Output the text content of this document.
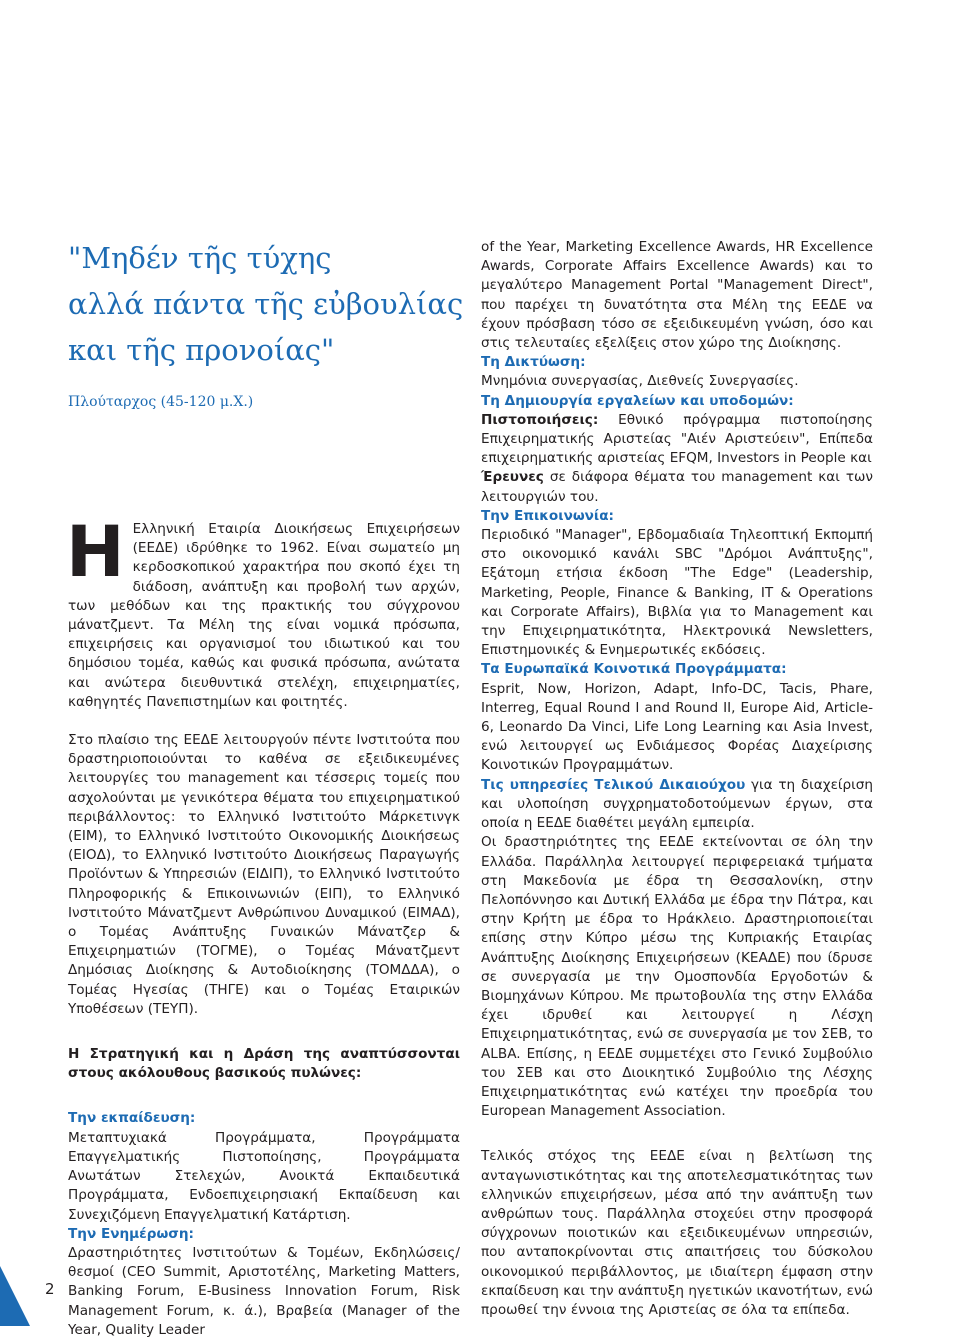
"Μηδέν τῆς τύχης

αλλά πάντα τῆς εὐβουλίας

και τῆς προνοίας"

Πλούταρχος (45-120 μ.Χ.)

Η Ελληνική Εταιρία Διοικήσεως Επιχειρήσεων (ΕΕΔΕ) ιδρύθηκε το 1962. Είναι σωματείο μη κερδοσκοπικού χαρακτήρα που σκοπό έχει τη διάδοση, ανάπτυξη και προβολή των αρχών, των μεθόδων και της πρακτικής του σύγχρονου μάνατζμεντ. Τα Μέλη της είναι νομικά πρόσωπα, επιχειρήσεις και οργανισμοί του ιδιωτικού και του δημόσιου τομέα, καθώς και φυσικά πρόσωπα, ανώτατα και ανώτερα διευθυντικά στελέχη, επιχειρηματίες, καθηγητές Πανεπιστημίων και φοιτητές.

Στο πλαίσιο της ΕΕΔΕ λειτουργούν πέντε Ινστιτούτα που δραστηριοποιούνται το καθένα σε εξειδικευμένες λειτουργίες του management και τέσσερις τομείς που ασχολούνται με γενικότερα θέματα του επιχειρηματικού περιβάλλοντος: το Ελληνικό Ινστιτούτο Μάρκετινγκ (ΕΙΜ), το Ελληνικό Ινστιτούτο Οικονομικής Διοικήσεως (ΕΙΟΔ), το Ελληνικό Ινστιτούτο Διοικήσεως Παραγωγής Προϊόντων & Υπηρεσιών (ΕΙΔΙΠ), το Ελληνικό Ινστιτούτο Πληροφορικής & Επικοινωνιών (ΕΙΠ), το Ελληνικό Ινστιτούτο Μάνατζμεντ Ανθρώπινου Δυναμικού (ΕΙΜΑΔ), ο Τομέας Ανάπτυξης Γυναικών Μάνατζερ & Επιχειρηματιών (ΤΟΓΜΕ), ο Τομέας Μάνατζμεντ Δημόσιας Διοίκησης & Αυτοδιοίκησης (ΤΟΜΔΔΑ), ο Τομέας Ηγεσίας (ΤΗΓΕ) και ο Τομέας Εταιρικών Υποθέσεων (ΤΕΥΠ).

Η Στρατηγική και η Δράση της αναπτύσσονται στους ακόλουθους βασικούς πυλώνες:

Την εκπαίδευση:

Μεταπτυχιακά Προγράμματα, Προγράμματα Επαγγελματικής Πιστοποίησης, Προγράμματα Ανωτάτων Στελεχών, Ανοικτά Εκπαιδευτικά Προγράμματα, Ενδοεπιχειρησιακή Εκπαίδευση και Συνεχιζόμενη Επαγγελματική Κατάρτιση.

Την Ενημέρωση:

Δραστηριότητες Ινστιτούτων & Τομέων, Εκδηλώσεις/θεσμοί (CEO Summit, Αριστοτέλης, Marketing Matters, Banking Forum, E-Business Innovation Forum, Risk Management Forum, κ. ά.), Βραβεία (Manager of the Year, Quality Leader

of the Year, Marketing Excellence Awards, HR Excellence Awards, Corporate Affairs Excellence Awards) και το μεγαλύτερο Management Portal "Management Direct", που παρέχει τη δυνατότητα στα Μέλη της ΕΕΔΕ να έχουν πρόσβαση τόσο σε εξειδικευμένη γνώση, όσο και στις τελευταίες εξελίξεις στον χώρο της Διοίκησης.

Τη Δικτύωση:

Μνημόνια συνεργασίας, Διεθνείς Συνεργασίες.

Τη Δημιουργία εργαλείων και υποδομών:

Πιστοποιήσεις: Εθνικό πρόγραμμα πιστοποίησης Επιχειρηματικής Αριστείας "Αιέν Αριστεύειν", Επίπεδα επιχειρηματικής αριστείας EFQM, Investors in People και

Έρευνες σε διάφορα θέματα του management και των λειτουργιών του.

Την Επικοινωνία:

Περιοδικό "Manager", Εβδομαδιαία Τηλεοπτική Εκπομπή στο οικονομικό κανάλι SBC "Δρόμοι Ανάπτυξης", Εξάτομη ετήσια έκδοση "The Edge" (Leadership, Marketing, People, Finance & Banking, IT & Operations και Corporate Affairs), Βιβλία για το Management και την Επιχειρηματικότητα, Ηλεκτρονικά Newsletters, Επιστημονικές & Ενημερωτικές εκδόσεις.

Τα Ευρωπαϊκά Κοινοτικά Προγράμματα:

Esprit, Now, Horizon, Adapt, Info-DC, Tacis, Phare, Interreg, Equal Round I and Round II, Europe Aid, Article-6, Leonardo Da Vinci, Life Long Learning και Asia Invest, ενώ λειτουργεί ως Ενδιάμεσος Φορέας Διαχείρισης Κοινοτικών Προγραμμάτων.

Τις υπηρεσίες Τελικού Δικαιούχου για τη διαχείριση και υλοποίηση συγχρηματοδοτούμενων έργων, στα οποία η ΕΕΔΕ διαθέτει μεγάλη εμπειρία.

Οι δραστηριότητες της ΕΕΔΕ εκτείνονται σε όλη την Ελλάδα. Παράλληλα λειτουργεί περιφερειακά τμήματα στη Μακεδονία με έδρα τη Θεσσαλονίκη, στην Πελοπόννησο και Δυτική Ελλάδα με έδρα την Πάτρα, και στην Κρήτη με έδρα το Ηράκλειο. Δραστηριοποιείται επίσης στην Κύπρο μέσω της Κυπριακής Εταιρίας Ανάπτυξης Διοίκησης Επιχειρήσεων (ΚΕΑΔΕ) που ίδρυσε σε συνεργασία με την Ομοσπονδία Εργοδοτών & Βιομηχάνων Κύπρου. Με πρωτοβουλία της στην Ελλάδα έχει ιδρυθεί και λειτουργεί η Λέσχη Επιχειρηματικότητας, ενώ σε συνεργασία με τον ΣΕΒ, το ALBA. Επίσης, η ΕΕΔΕ συμμετέχει στο Γενικό Συμβούλιο του ΣΕΒ και στο Διοικητικό Συμβούλιο της Λέσχης Επιχειρηματικότητας ενώ κατέχει την προεδρία του European Management Association.

Τελικός στόχος της ΕΕΔΕ είναι η βελτίωση της ανταγωνιστικότητας και της αποτελεσματικότητας των ελληνικών επιχειρήσεων, μέσα από την ανάπτυξη των ανθρώπων τους. Παράλληλα στοχεύει στην προσφορά σύγχρονων ποιοτικών και εξειδικευμένων υπηρεσιών, που ανταποκρίνονται στις απαιτήσεις του δύσκολου οικονομικού περιβάλλοντος, με ιδιαίτερη έμφαση στην εκπαίδευση και την ανάπτυξη ηγετικών ικανοτήτων, ενώ προωθεί την έννοια της Αριστείας σε όλα τα επίπεδα.

2
